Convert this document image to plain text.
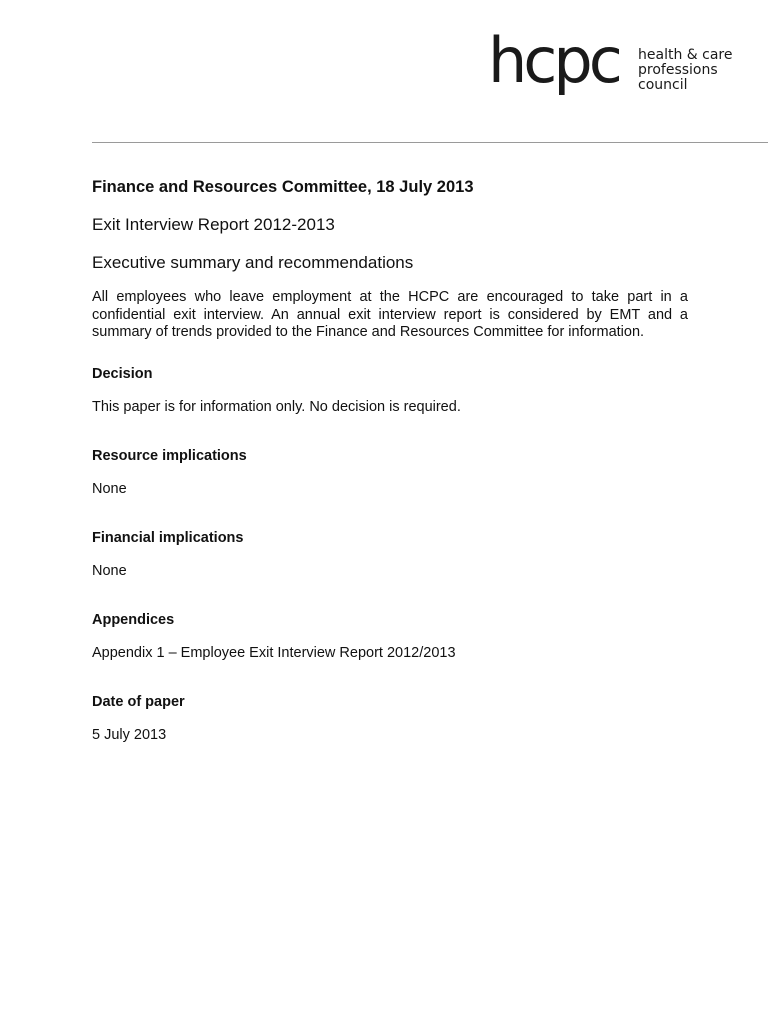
hcpc health & care
professions
council
Finance and Resources Committee, 18 July 2013
Exit Interview Report 2012-2013
Executive summary and recommendations
All employees who leave employment at the HCPC are encouraged to take part in a confidential exit interview. An annual exit interview report is considered by EMT and a summary of trends provided to the Finance and Resources Committee for information.
Decision
This paper is for information only. No decision is required.
Resource implications
None
Financial implications
None
Appendices
Appendix 1 – Employee Exit Interview Report 2012/2013
Date of paper
5 July 2013
